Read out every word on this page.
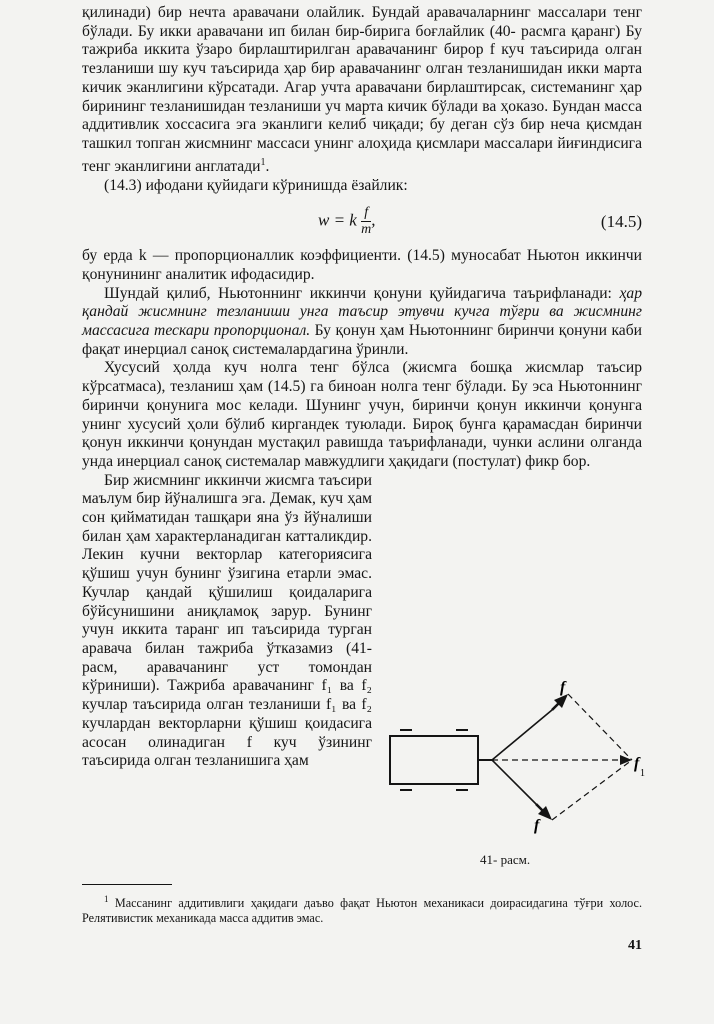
қилинади) бир нечта аравачани олайлик. Бундай аравачаларнинг массалари тенг бўлади. Бу икки аравачани ип билан бир-бирига боғлайлик (40- расмга қаранг) Бу тажриба иккита ўзаро бирлаштирилган аравачанинг бирор f куч таъсирида олган тезланиши шу куч таъсирида ҳар бир аравачанинг олган тезланишидан икки марта кичик эканлигини кўрсатади. Агар учта аравачани бирлаштирсак, системанинг ҳар бирининг тезланишидан тезланиши уч марта кичик бўлади ва ҳоказо. Бундан масса аддитивлик хоссасига эга эканлиги келиб чиқади; бу деган сўз бир неча қисмдан ташкил топган жисмнинг массаси унинг алоҳида қисмлари массалари йиғиндисига тенг эканлигини англатади$^1$.

(14.3) ифодани қуйидаги кўринишда ёзайлик:

w = k $\frac{f}{m}$ ,	(14.5)

бу ерда k — пропорционаллик коэффициенти. (14.5) муносабат Ньютон иккинчи қонунининг аналитик ифодасидир.

Шундай қилиб, Ньютоннинг иккинчи қонуни қуйидагича таърифланади: ҳар қандай жисмнинг тезланиши унга таъсир этувчи кучга тўғри ва жисмнинг массасига тескари пропорционал. Бу қонун ҳам Ньютоннинг биринчи қонуни каби фақат инерциал саноқ системалардагина ўринли.

Хусусий ҳолда куч нолга тенг бўлса (жисмга бошқа жисмлар таъсир кўрсатмаса), тезланиш ҳам (14.5) га биноан нолга тенг бўлади. Бу эса Ньютоннинг биринчи қонунига мос келади. Шунинг учун, биринчи қонун иккинчи қонунга унинг хусусий ҳоли бўлиб киргандек туюлади. Бироқ бунга қарамасдан биринчи қонун иккинчи қонундан мустақил равишда таърифланади, чунки аслини олганда унда инерциал саноқ системалар мавжудлиги ҳақидаги (постулат) фикр бор.

Бир жисмнинг иккинчи жисмга таъсири маълум бир йўналишга эга. Демак, куч ҳам сон қийматидан ташқари яна ўз йўналиши билан ҳам характерланадиган катталикдир. Лекин кучни векторлар категориясига қўшиш учун бунинг ўзигина етарли эмас. Кучлар қандай қўшилиш қоидаларига бўйсунишини аниқламоқ зарур. Бунинг учун иккита таранг ип таъсирида турган аравача билан тажриба ўтказамиз (41- расм, аравачанинг уст томондан кўриниши). Тажриба аравачанинг f₁ ва f₂ кучлар таъсирида олган тезланиши f₁ ва f₂ кучлардан векторларни қўшиш қоидасига асосан олинадиган f куч ўзининг таъсирида олган тезланишига ҳам

f
f
f
1
41- расм.
$^1$ Массанинг аддитивлиги ҳақидаги даъво фақат Ньютон механикаси доирасидагина тўғри холос. Релятивистик механикада масса аддитив эмас.
41
